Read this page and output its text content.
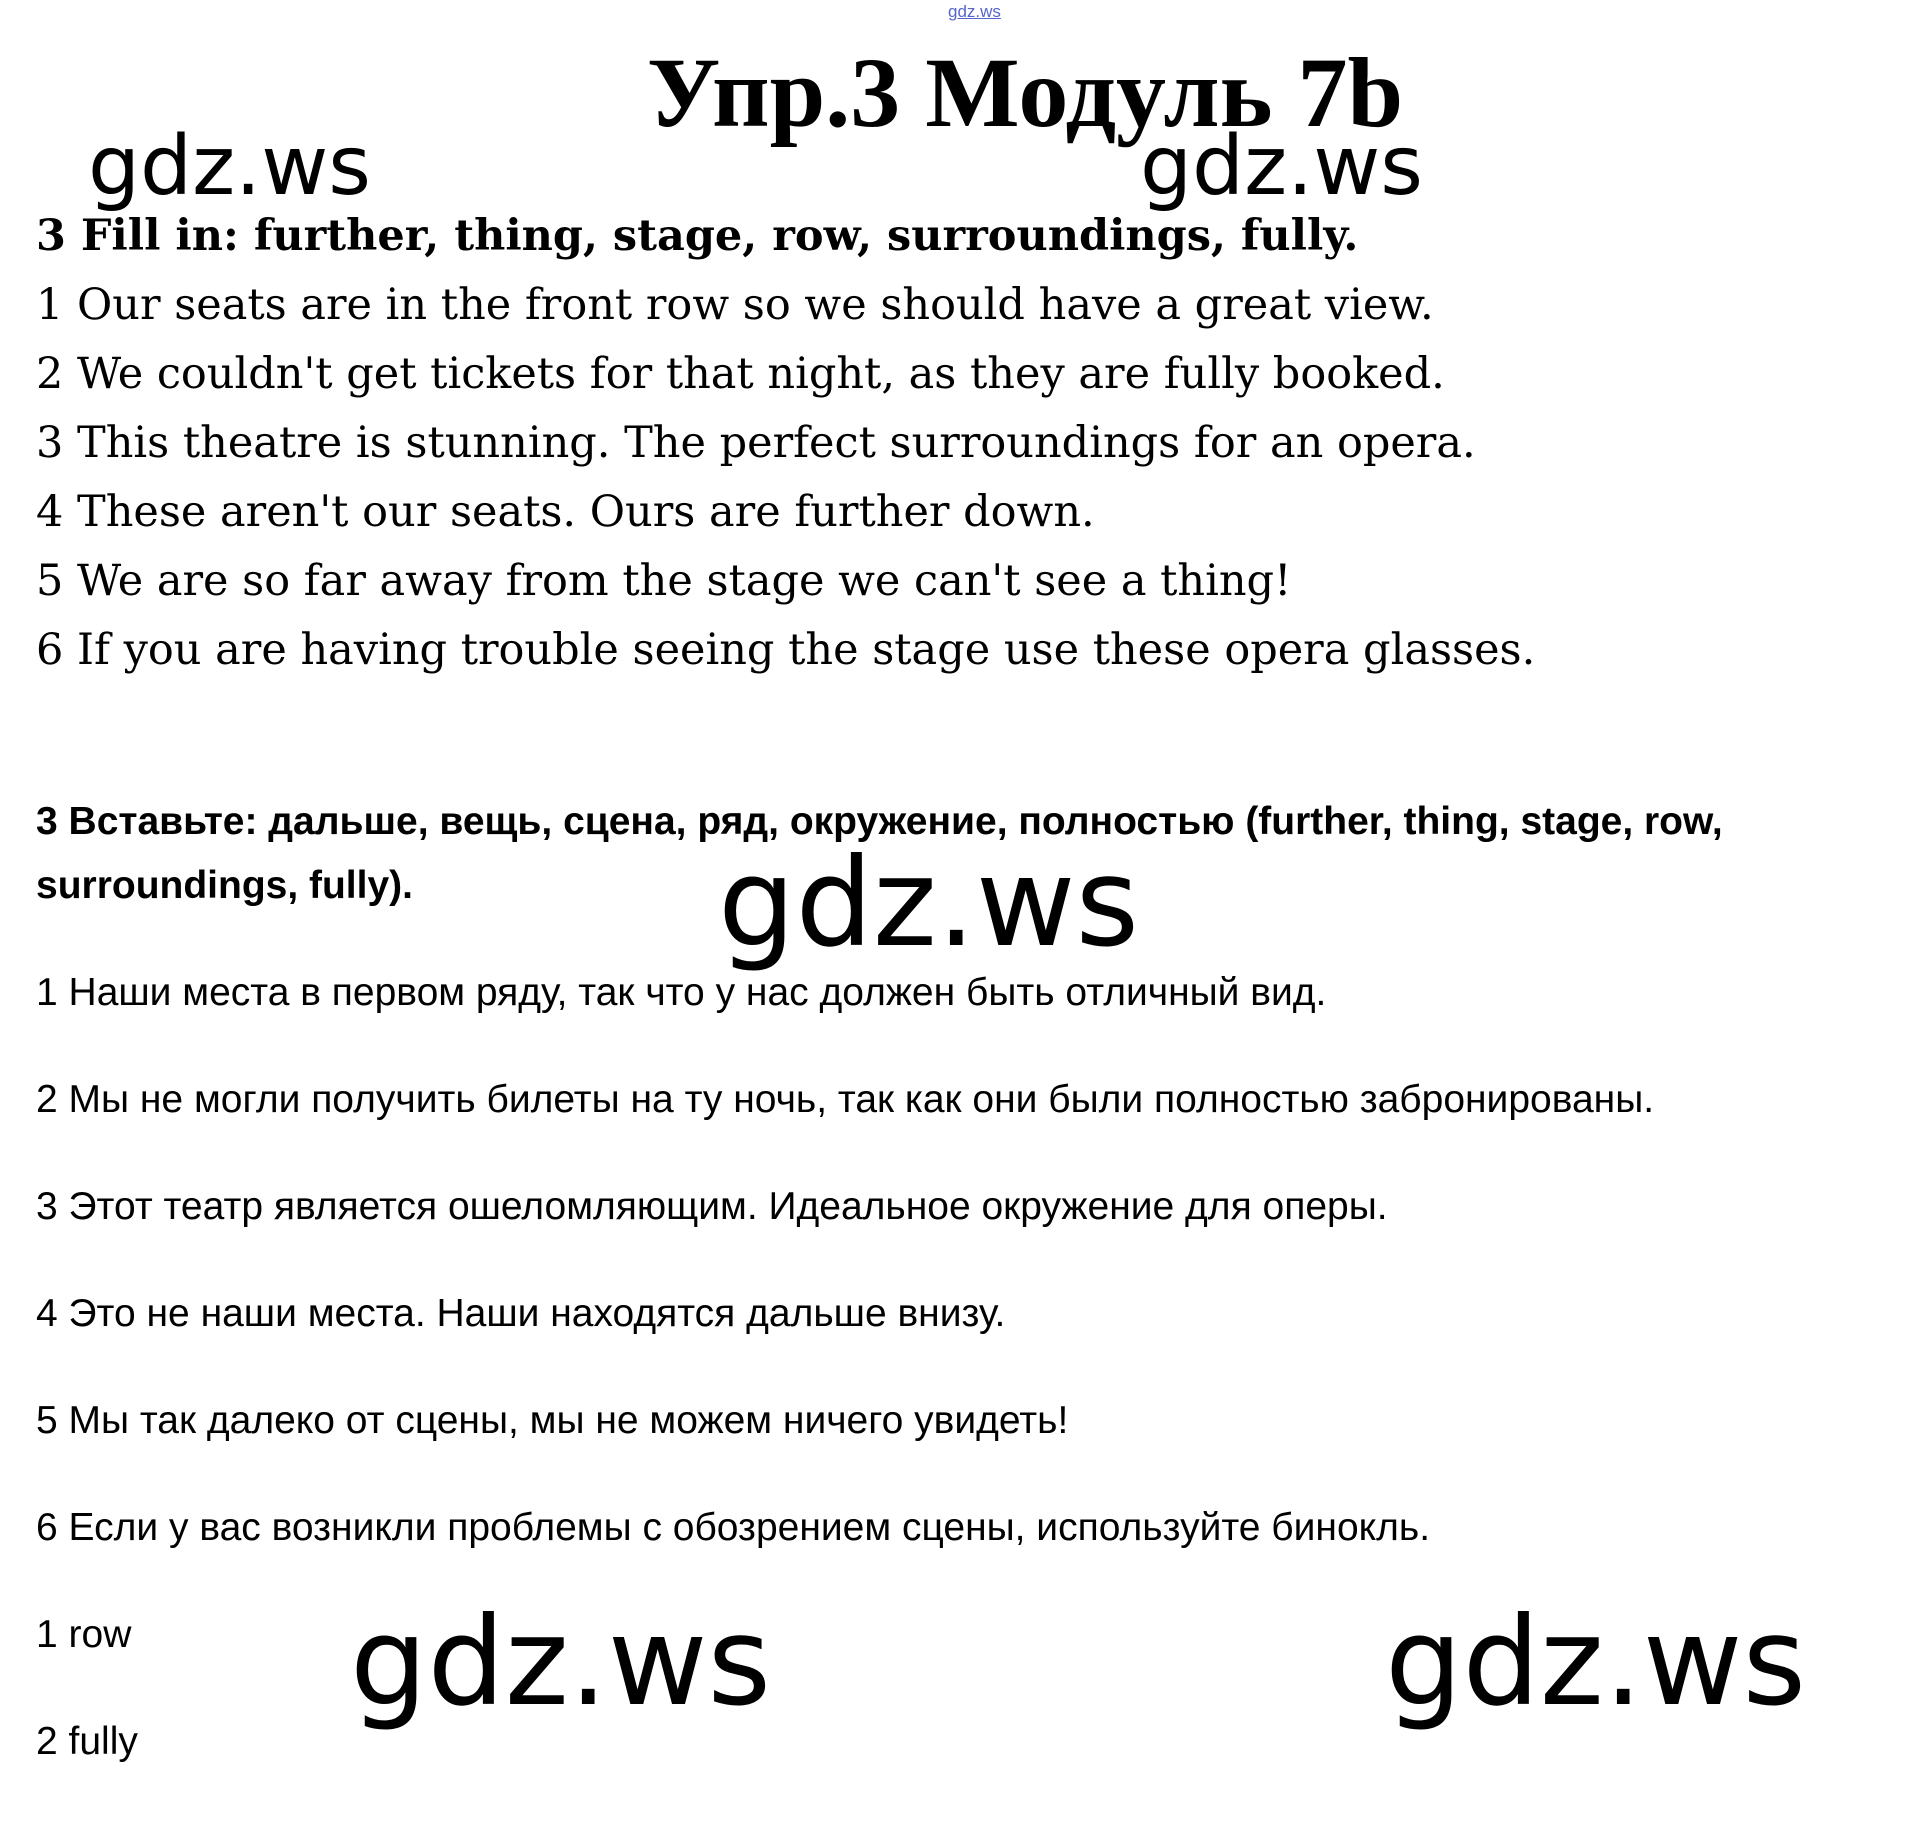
gdz.ws
Упр.3 Модуль 7b
gdz.ws	gdz.ws
3 Fill in: further, thing, stage, row, surroundings, fully.
1 Our seats are in the front row so we should have a great view.
2 We couldn't get tickets for that night, as they are fully booked.
3 This theatre is stunning. The perfect surroundings for an opera.
4 These aren't our seats. Ours are further down.
5 We are so far away from the stage we can't see a thing!
6 If you are having trouble seeing the stage use these opera glasses.
3 Вставьте: дальше, вещь, сцена, ряд, окружение, полностью (further, thing, stage, row, surroundings, fully).	gdz.ws
1 Наши места в первом ряду, так что у нас должен быть отличный вид.
2 Мы не могли получить билеты на ту ночь, так как они были полностью забронированы.
3 Этот театр является ошеломляющим. Идеальное окружение для оперы.
4 Это не наши места. Наши находятся дальше внизу.
5 Мы так далеко от сцены, мы не можем ничего увидеть!
6 Если у вас возникли проблемы с обозрением сцены, используйте бинокль.
1 row
2 fully
gdz.ws	gdz.ws
